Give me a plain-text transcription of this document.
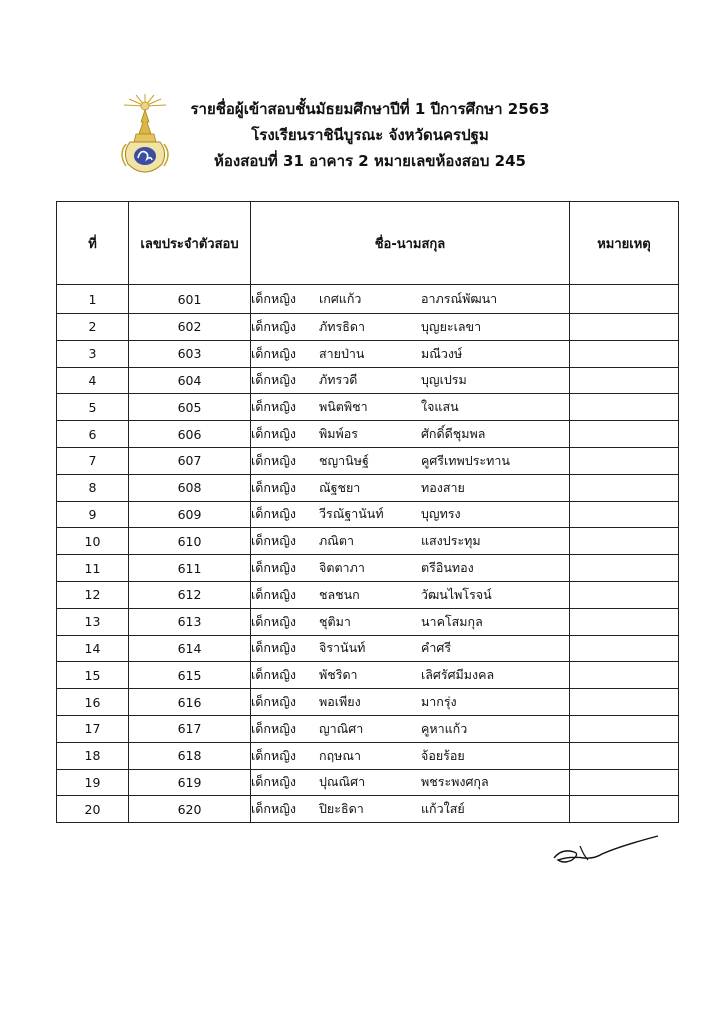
รายชื่อผู้เข้าสอบชั้นมัธยมศึกษาปีที่ 1 ปีการศึกษา 2563
โรงเรียนราชินีบูรณะ จังหวัดนครปฐม
ห้องสอบที่ 31 อาคาร 2 หมายเลขห้องสอบ 245
ที่	เลขประจำตัวสอบ	ชื่อ-นามสกุล	หมายเหตุ
1	601	เด็กหญิง เกศแก้ว อาภรณ์พัฒนา	
2	602	เด็กหญิง ภัทรธิดา บุญยะเลขา	
3	603	เด็กหญิง สายป่าน มณีวงษ์	
4	604	เด็กหญิง ภัทรวดี บุญเปรม	
5	605	เด็กหญิง พนิตพิชา ใจแสน	
6	606	เด็กหญิง พิมพ์อร ศักดิ์ดีชุมพล	
7	607	เด็กหญิง ชญานิษฐ์ คูศรีเทพประทาน	
8	608	เด็กหญิง ณัฐชยา ทองสาย	
9	609	เด็กหญิง วีรณัฐานันท์ บุญทรง	
10	610	เด็กหญิง ภณิตา แสงประทุม	
11	611	เด็กหญิง จิตตาภา ตรีอินทอง	
12	612	เด็กหญิง ชลชนก วัฒนไพโรจน์	
13	613	เด็กหญิง ชุติมา นาคโสมกุล	
14	614	เด็กหญิง จิรานันท์ คำศรี	
15	615	เด็กหญิง พัชริดา เลิศรัศมีมงคล	
16	616	เด็กหญิง พอเพียง มากรุ่ง	
17	617	เด็กหญิง ญาณิศา คูหาแก้ว	
18	618	เด็กหญิง กฤษณา จ้อยร้อย	
19	619	เด็กหญิง ปุณณิศา พชระพงศกุล	
20	620	เด็กหญิง ปิยะธิดา แก้วใสย์	
